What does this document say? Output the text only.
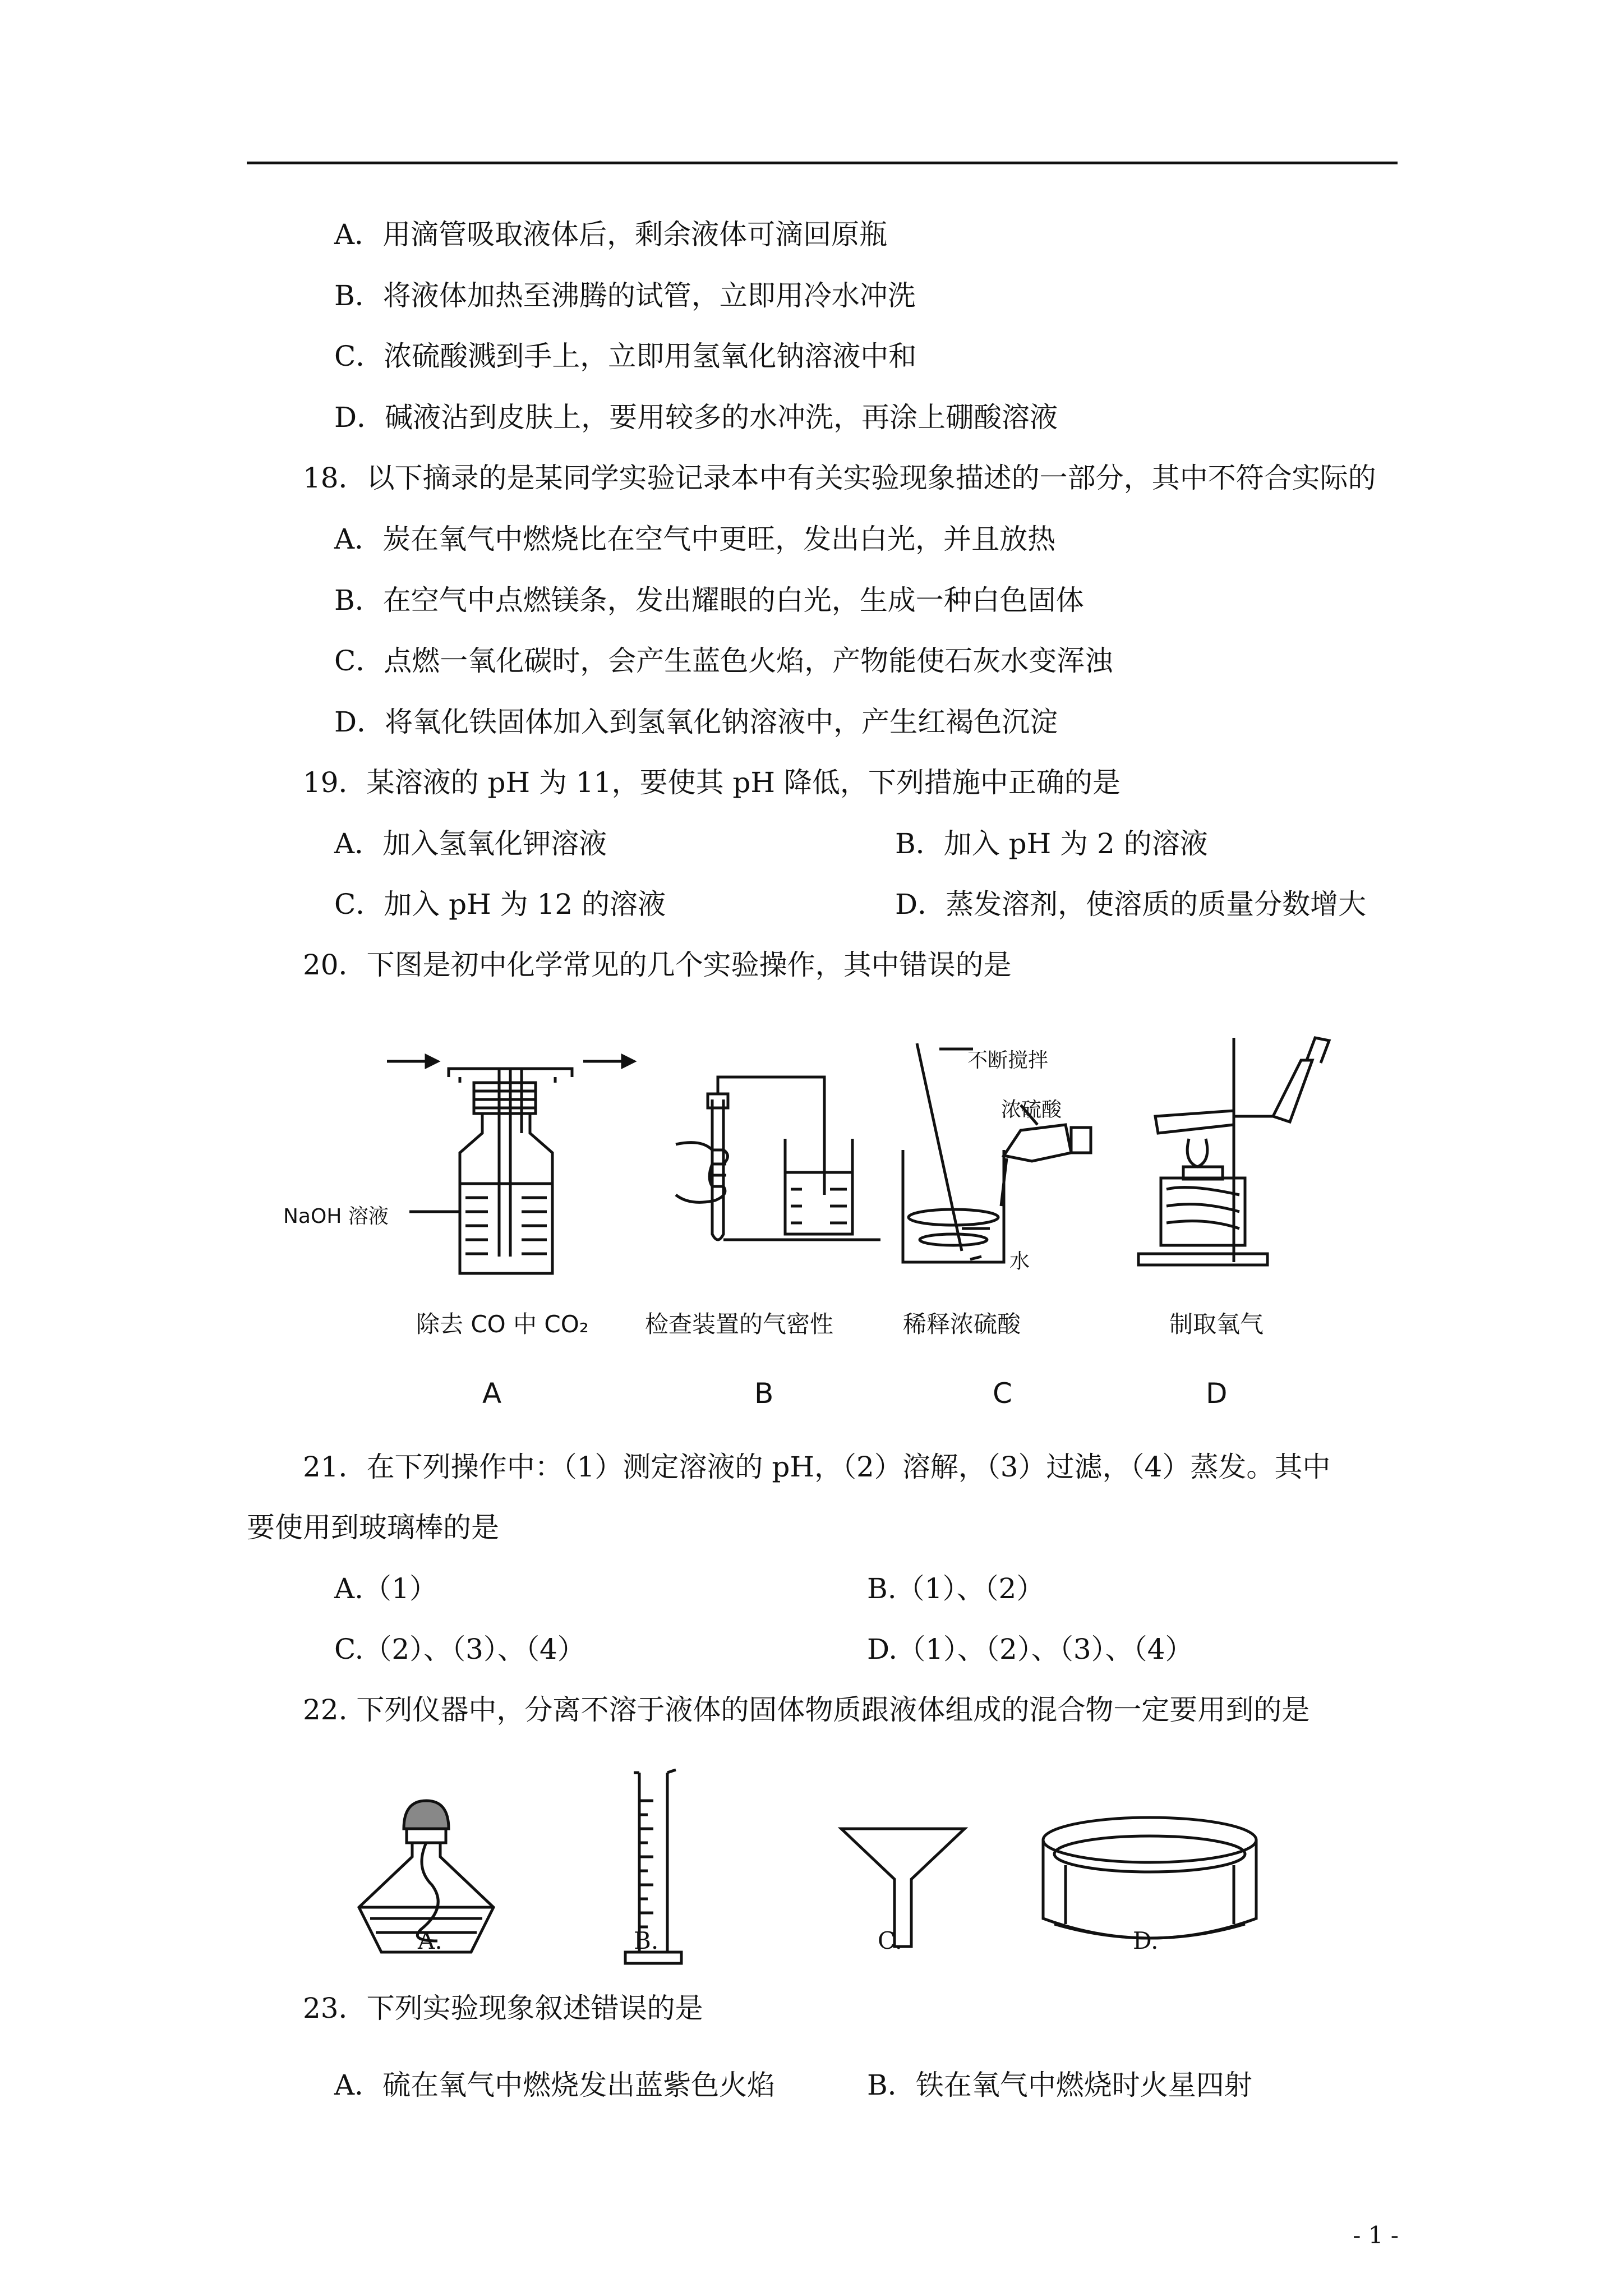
A．用滴管吸取液体后，剩余液体可滴回原瓶
B．将液体加热至沸腾的试管，立即用冷水冲洗
C．浓硫酸溅到手上，立即用氢氧化钠溶液中和
D．碱液沾到皮肤上，要用较多的水冲洗，再涂上硼酸溶液
18．以下摘录的是某同学实验记录本中有关实验现象描述的一部分，其中不符合实际的
A．炭在氧气中燃烧比在空气中更旺，发出白光，并且放热
B．在空气中点燃镁条，发出耀眼的白光，生成一种白色固体
C．点燃一氧化碳时，会产生蓝色火焰，产物能使石灰水变浑浊
D．将氧化铁固体加入到氢氧化钠溶液中，产生红褐色沉淀
19．某溶液的 pH 为 11，要使其 pH 降低，下列措施中正确的是
A．加入氢氧化钾溶液	B．加入 pH 为 2 的溶液
C．加入 pH 为 12 的溶液	D．蒸发溶剂，使溶质的质量分数增大
20．下图是初中化学常见的几个实验操作，其中错误的是
NaOH 溶液
不断搅拌
浓硫酸
水
除去 CO 中 CO₂ 检查装置的气密性	稀释浓硫酸	制取氧气
A	B	C	D
21．在下列操作中：（1）测定溶液的 pH，（2）溶解，（3）过滤，（4）蒸发。其中
要使用到玻璃棒的是
A.（1）	B.（1）、（2）
C.（2）、（3）、（4）	D.（1）、（2）、（3）、（4）
22. 下列仪器中，分离不溶于液体的固体物质跟液体组成的混合物一定要用到的是
A.	B.	C.	D.
23．下列实验现象叙述错误的是
A．硫在氧气中燃烧发出蓝紫色火焰	B．铁在氧气中燃烧时火星四射
- 1 -
